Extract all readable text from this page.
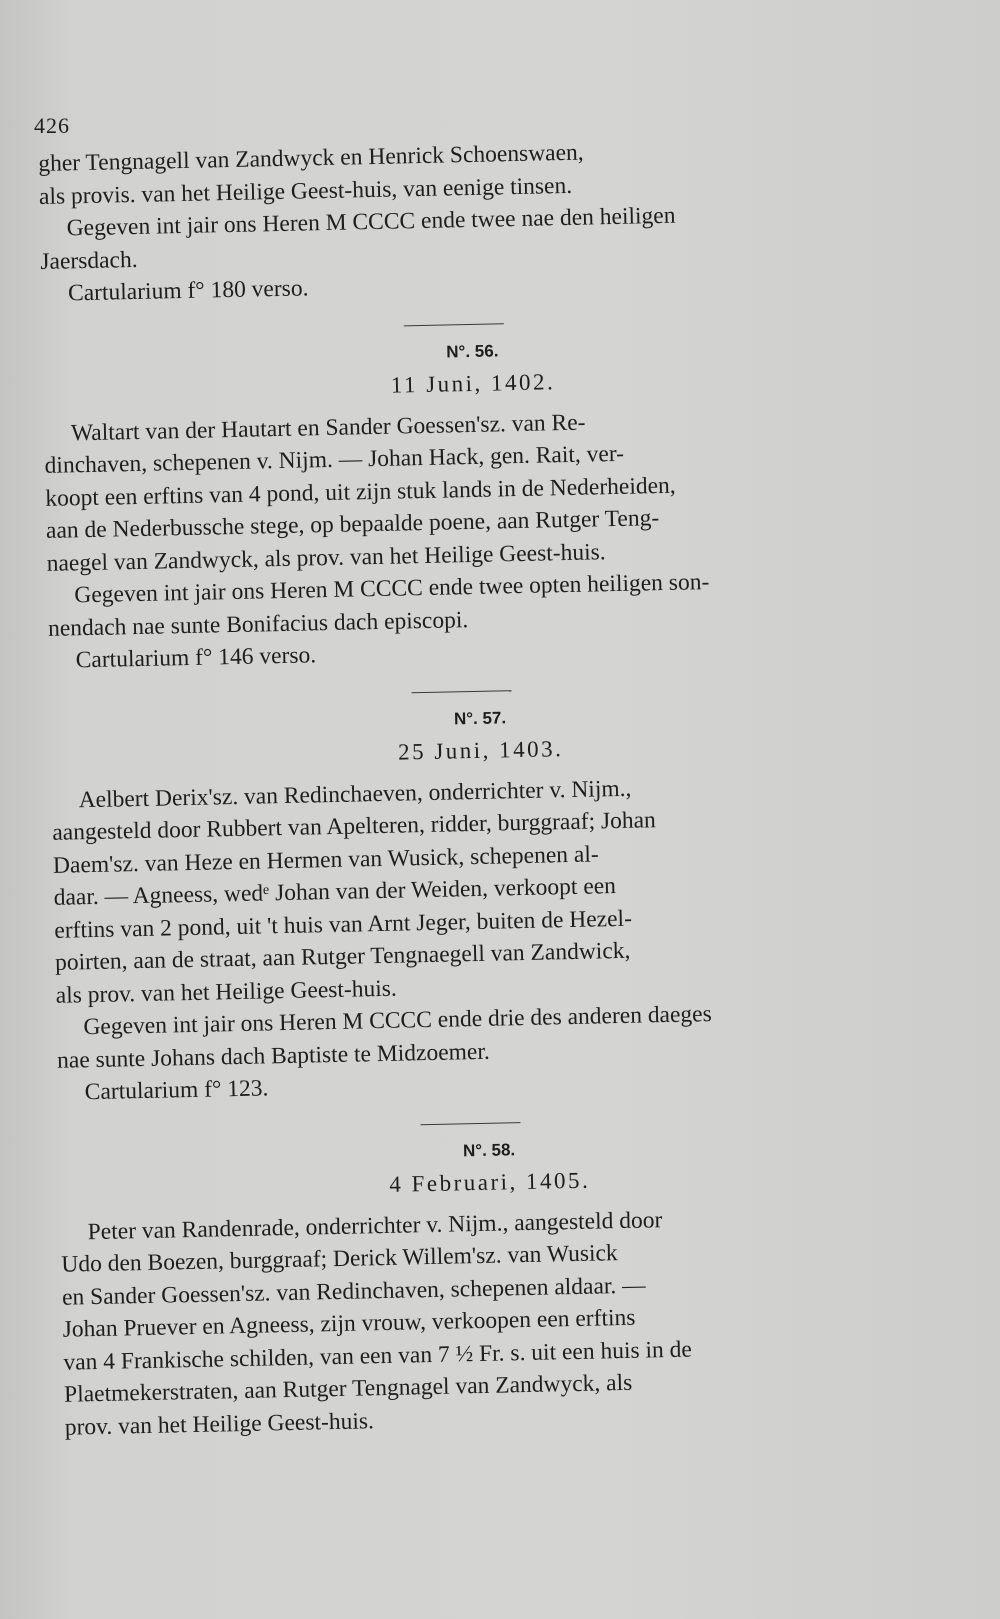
426
gher Tengnagell van Zandwyck en Henrick Schoenswaen,
als provis. van het Heilige Geest-huis, van eenige tinsen.
Gegeven int jair ons Heren M CCCC ende twee nae den heiligen
Jaersdach.
Cartularium f° 180 verso.
N°. 56.
11 Juni, 1402.
Waltart van der Hautart en Sander Goessen'sz. van Re-
dinchaven, schepenen v. Nijm. — Johan Hack, gen. Rait, ver-
koopt een erftins van 4 pond, uit zijn stuk lands in de Nederheiden,
aan de Nederbussche stege, op bepaalde poene, aan Rutger Teng-
naegel van Zandwyck, als prov. van het Heilige Geest-huis.
Gegeven int jair ons Heren M CCCC ende twee opten heiligen son-
nendach nae sunte Bonifacius dach episcopi.
Cartularium f° 146 verso.
N°. 57.
25 Juni, 1403.
Aelbert Derix'sz. van Redinchaeven, onderrichter v. Nijm.,
aangesteld door Rubbert van Apelteren, ridder, burggraaf; Johan
Daem'sz. van Heze en Hermen van Wusick, schepenen al-
daar. — Agneess, wedᵉ Johan van der Weiden, verkoopt een
erftins van 2 pond, uit 't huis van Arnt Jeger, buiten de Hezel-
poirten, aan de straat, aan Rutger Tengnaegell van Zandwick,
als prov. van het Heilige Geest-huis.
Gegeven int jair ons Heren M CCCC ende drie des anderen daeges
nae sunte Johans dach Baptiste te Midzoemer.
Cartularium f° 123.
N°. 58.
4 Februari, 1405.
Peter van Randenrade, onderrichter v. Nijm., aangesteld door
Udo den Boezen, burggraaf; Derick Willem'sz. van Wusick
en Sander Goessen'sz. van Redinchaven, schepenen aldaar. —
Johan Pruever en Agneess, zijn vrouw, verkoopen een erftins
van 4 Frankische schilden, van een van 7 ½ Fr. s. uit een huis in de
Plaetmekerstraten, aan Rutger Tengnagel van Zandwyck, als
prov. van het Heilige Geest-huis.
